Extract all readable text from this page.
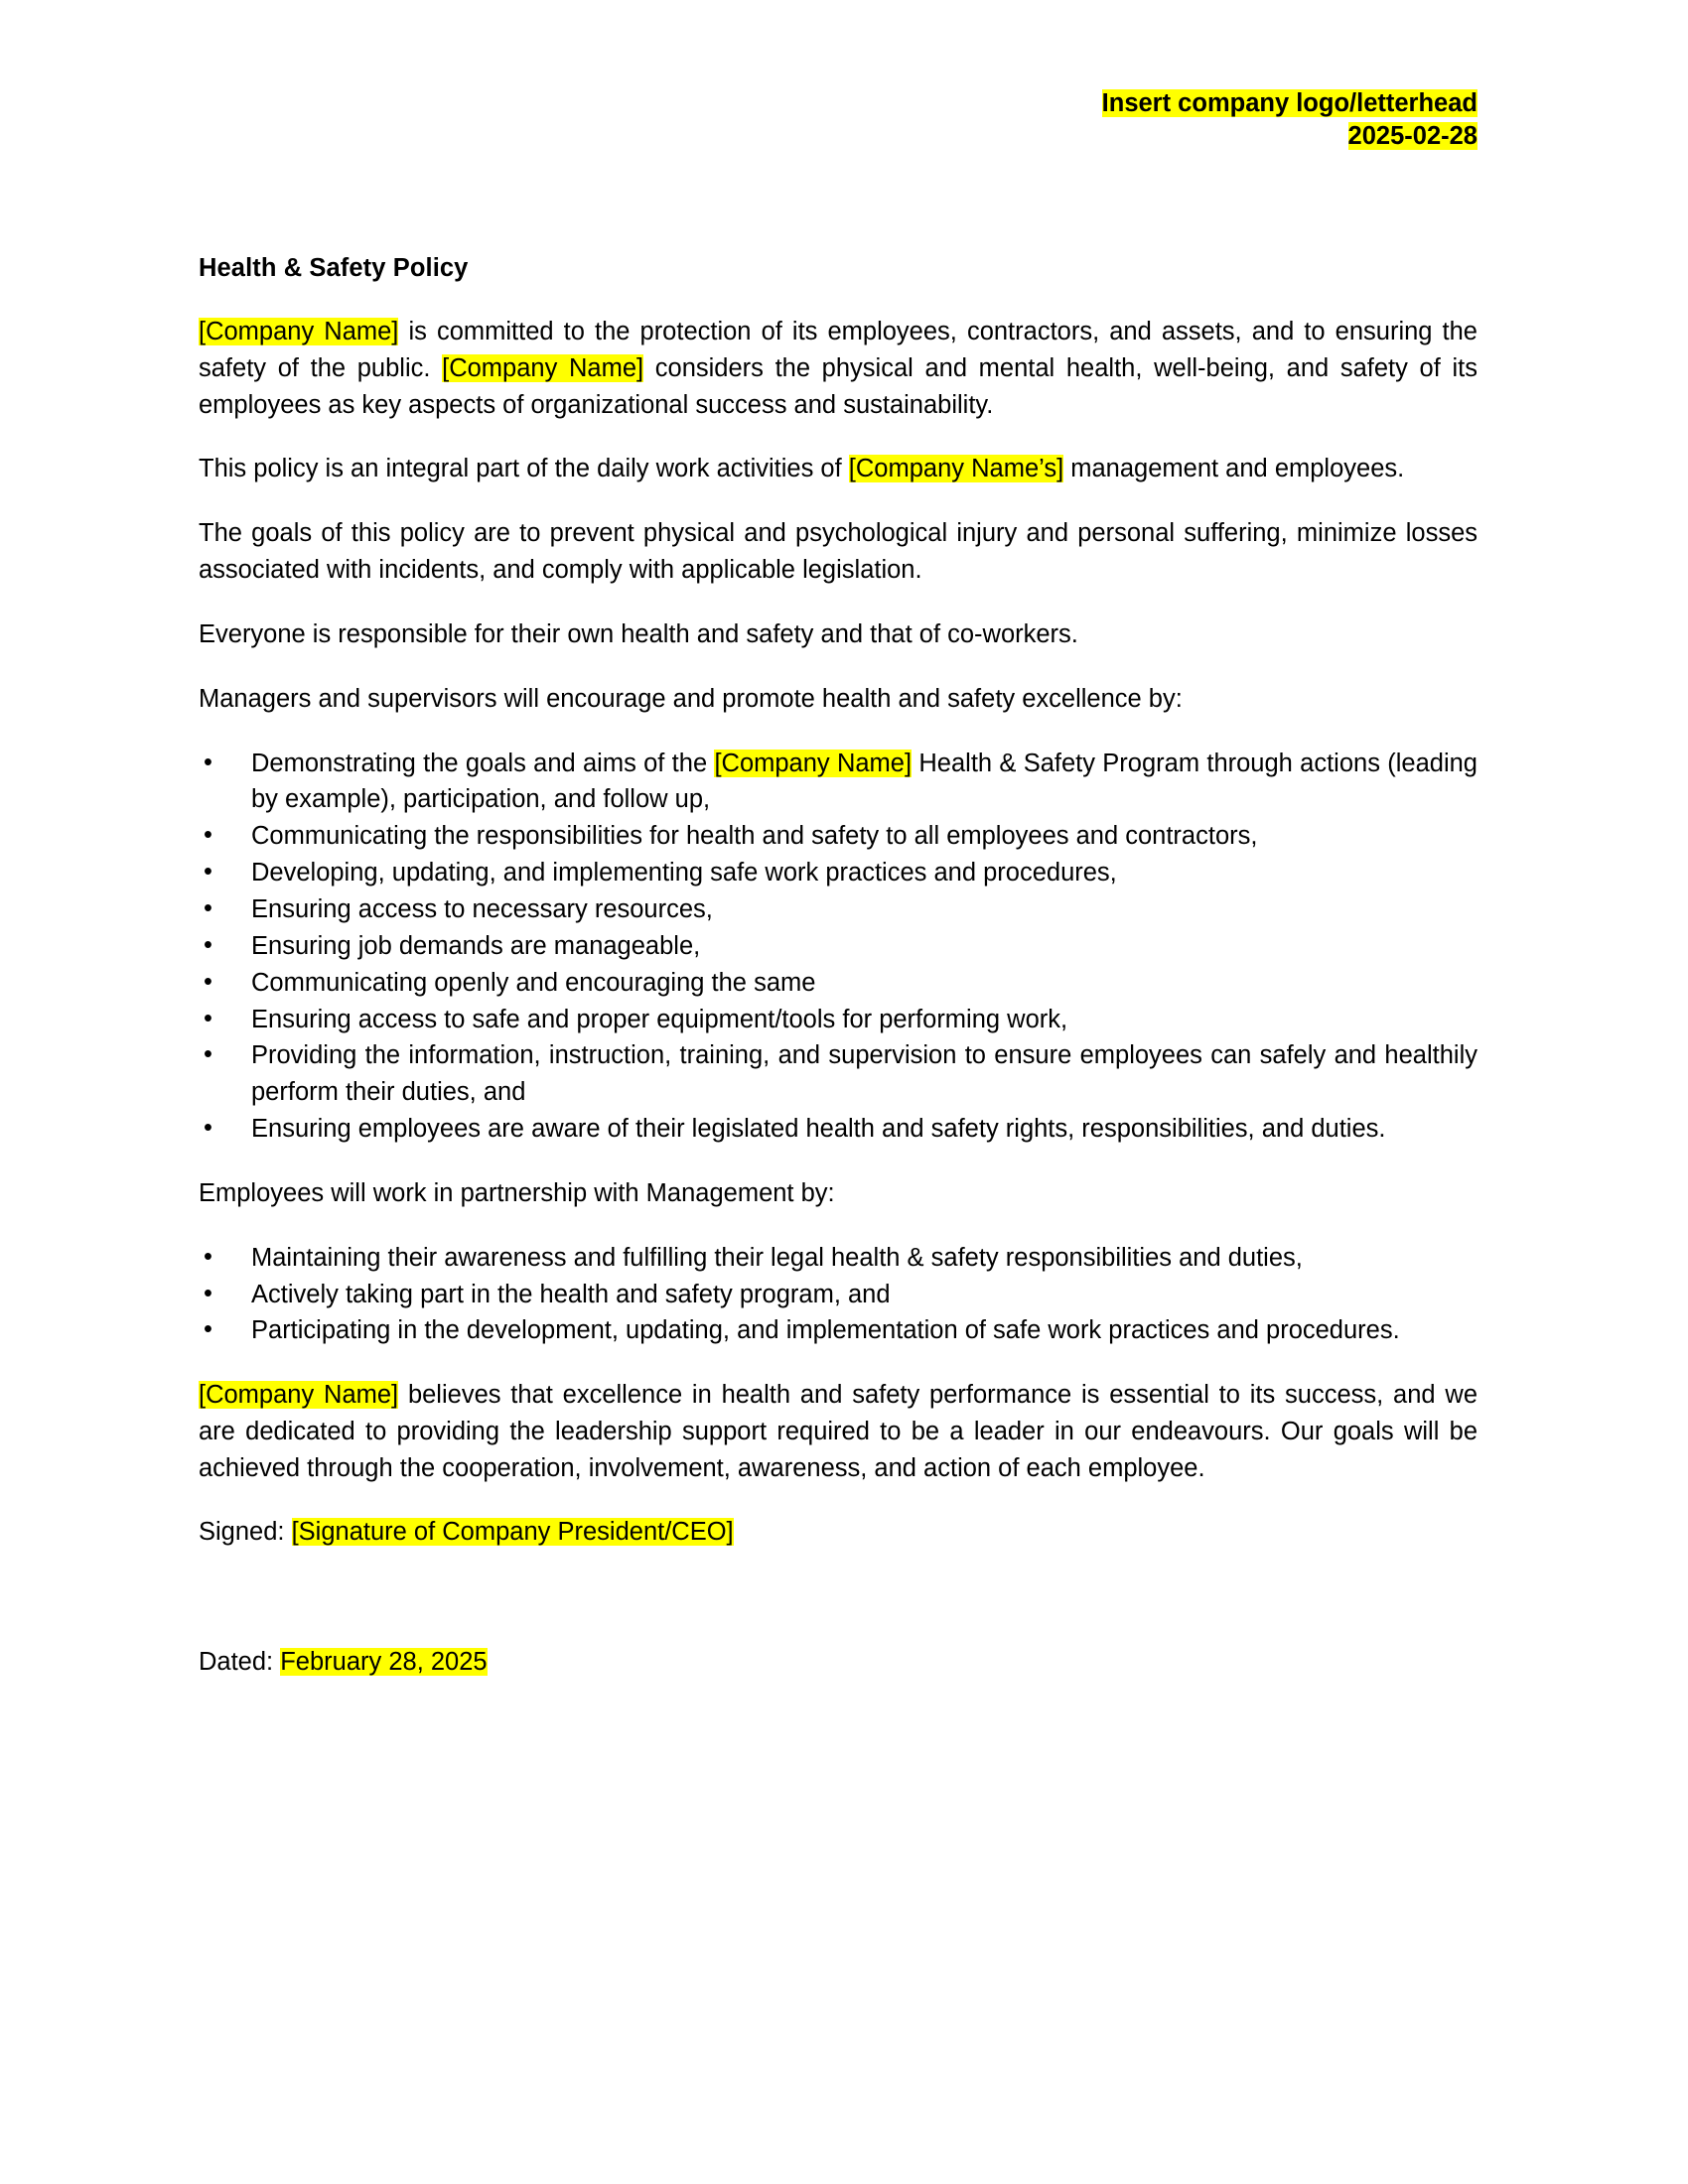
Insert company logo/letterhead
2025-02-28
Health & Safety Policy

[Company Name] is committed to the protection of its employees, contractors, and assets, and to ensuring the safety of the public. [Company Name] considers the physical and mental health, well-being, and safety of its employees as key aspects of organizational success and sustainability.

This policy is an integral part of the daily work activities of [Company Name’s] management and employees.

The goals of this policy are to prevent physical and psychological injury and personal suffering, minimize losses associated with incidents, and comply with applicable legislation.

Everyone is responsible for their own health and safety and that of co-workers.

Managers and supervisors will encourage and promote health and safety excellence by:

• Demonstrating the goals and aims of the [Company Name] Health & Safety Program through actions (leading by example), participation, and follow up,
• Communicating the responsibilities for health and safety to all employees and contractors,
• Developing, updating, and implementing safe work practices and procedures,
• Ensuring access to necessary resources,
• Ensuring job demands are manageable,
• Communicating openly and encouraging the same
• Ensuring access to safe and proper equipment/tools for performing work,
• Providing the information, instruction, training, and supervision to ensure employees can safely and healthily perform their duties, and
• Ensuring employees are aware of their legislated health and safety rights, responsibilities, and duties.

Employees will work in partnership with Management by:

• Maintaining their awareness and fulfilling their legal health & safety responsibilities and duties,
• Actively taking part in the health and safety program, and
• Participating in the development, updating, and implementation of safe work practices and procedures.

[Company Name] believes that excellence in health and safety performance is essential to its success, and we are dedicated to providing the leadership support required to be a leader in our endeavours. Our goals will be achieved through the cooperation, involvement, awareness, and action of each employee.

Signed: [Signature of Company President/CEO]
Dated: February 28, 2025
